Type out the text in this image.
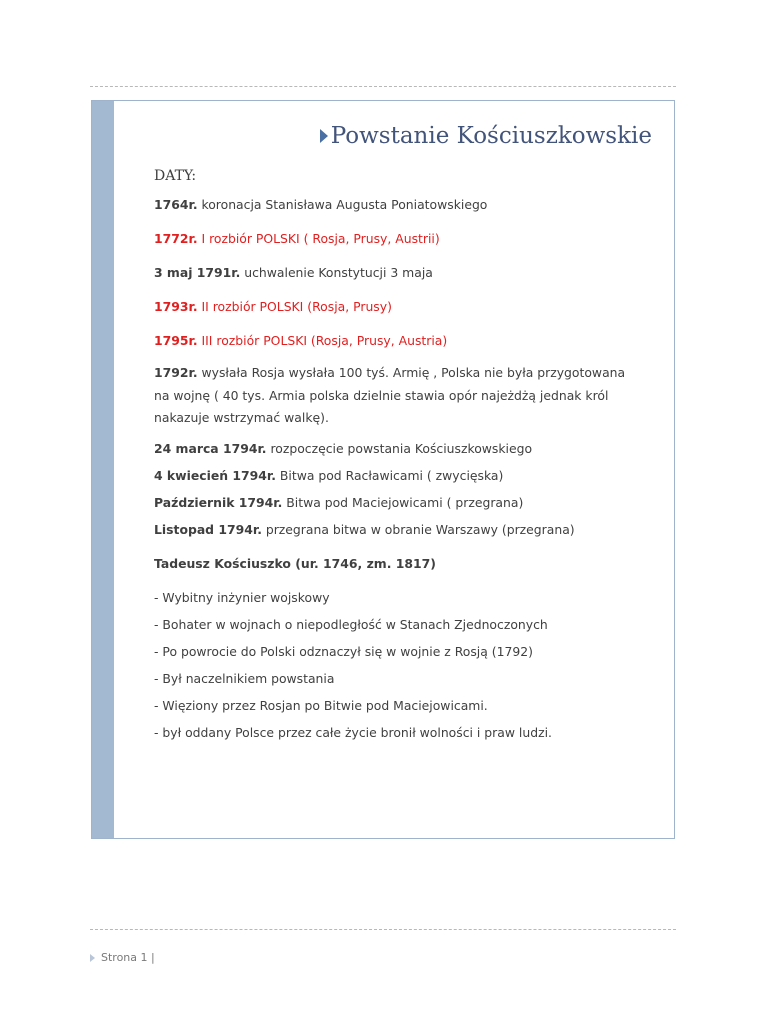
Powstanie Kościuszkowskie

DATY:

1764r. koronacja Stanisława Augusta Poniatowskiego

1772r. I rozbiór POLSKI ( Rosja, Prusy, Austrii)

3 maj 1791r. uchwalenie Konstytucji 3 maja

1793r. II rozbiór POLSKI (Rosja, Prusy)

1795r. III rozbiór POLSKI (Rosja, Prusy, Austria)

1792r. wysłała Rosja wysłała 100 tyś. Armię , Polska nie była przygotowana na wojnę ( 40 tys. Armia polska dzielnie stawia opór najeżdżą jednak król nakazuje wstrzymać walkę).

24 marca 1794r. rozpoczęcie powstania Kościuszkowskiego

4 kwiecień 1794r. Bitwa pod Racławicami ( zwycięska)

Październik 1794r. Bitwa pod Maciejowicami ( przegrana)

Listopad 1794r. przegrana bitwa w obranie Warszawy (przegrana)

Tadeusz Kościuszko (ur. 1746, zm. 1817)

- Wybitny inżynier wojskowy

- Bohater w wojnach o niepodległość w Stanach Zjednoczonych

- Po powrocie do Polski odznaczył się w wojnie z Rosją (1792)

- Był naczelnikiem powstania

- Więziony przez Rosjan po Bitwie pod Maciejowicami.

- był oddany Polsce przez całe życie bronił wolności i praw ludzi.

Strona 1 |
